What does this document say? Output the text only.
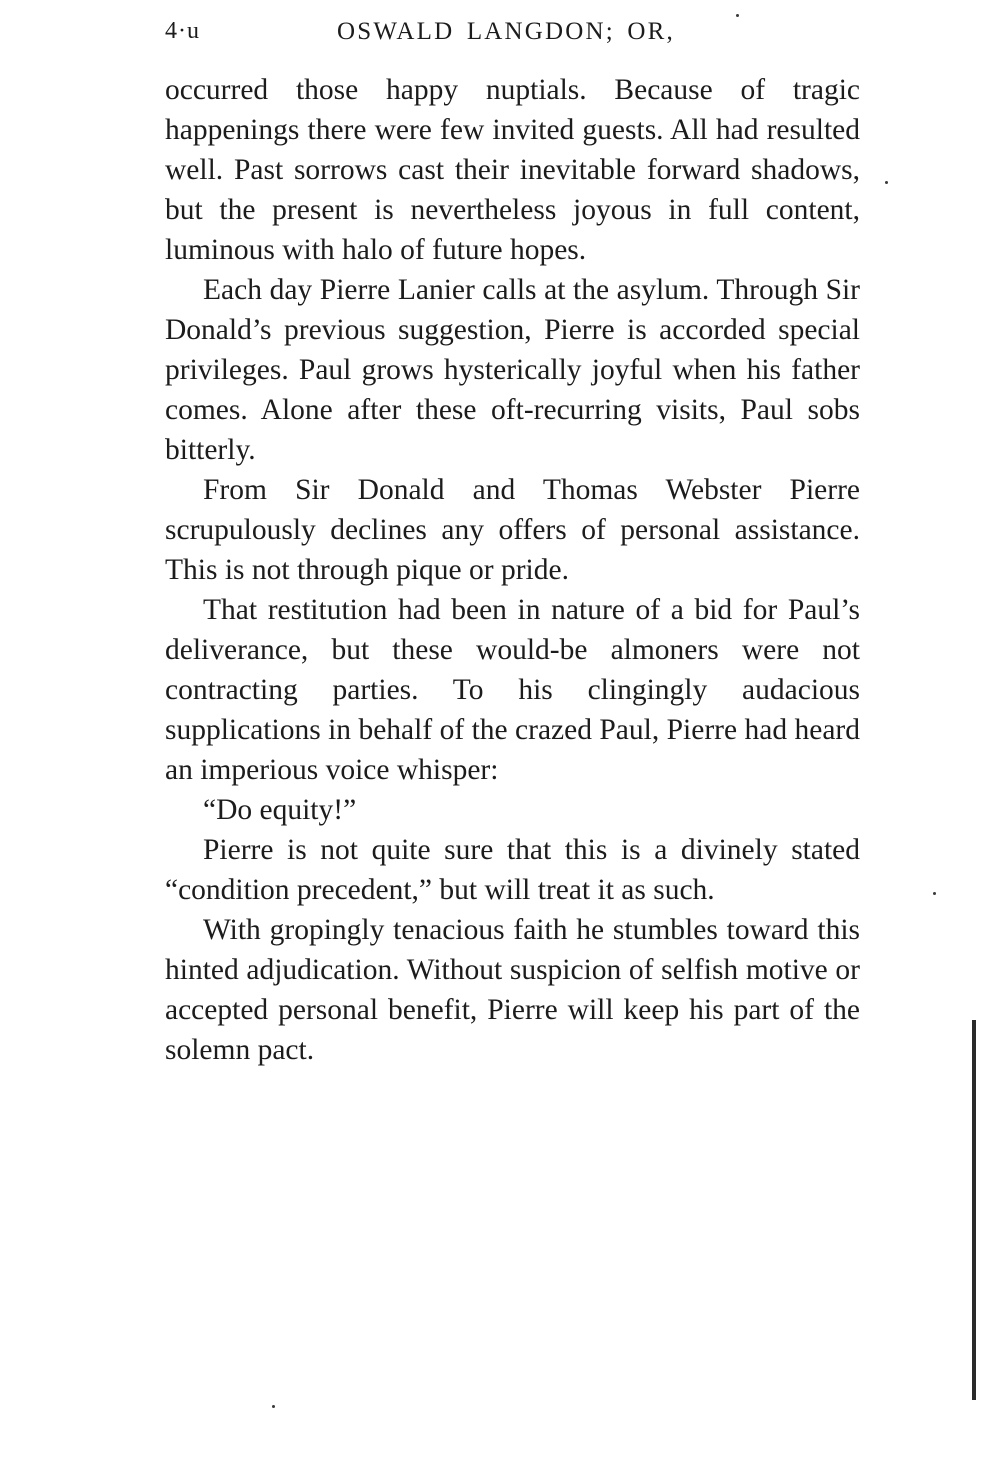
4·u	OSWALD LANGDON; OR,

occurred those happy nuptials. Because of tragic happenings there were few invited guests. All had resulted well. Past sorrows cast their inevitable forward shadows, but the present is nevertheless joyous in full content, luminous with halo of future hopes.

Each day Pierre Lanier calls at the asylum. Through Sir Donald’s previous suggestion, Pierre is accorded special privileges. Paul grows hysterically joyful when his father comes. Alone after these oft-recurring visits, Paul sobs bitterly.

From Sir Donald and Thomas Webster Pierre scrupulously declines any offers of personal assistance. This is not through pique or pride.

That restitution had been in nature of a bid for Paul’s deliverance, but these would-be almoners were not contracting parties. To his clingingly audacious supplications in behalf of the crazed Paul, Pierre had heard an imperious voice whisper:

“Do equity!”

Pierre is not quite sure that this is a divinely stated “condition precedent,” but will treat it as such.

With gropingly tenacious faith he stumbles toward this hinted adjudication. Without suspicion of selfish motive or accepted personal benefit, Pierre will keep his part of the solemn pact.
